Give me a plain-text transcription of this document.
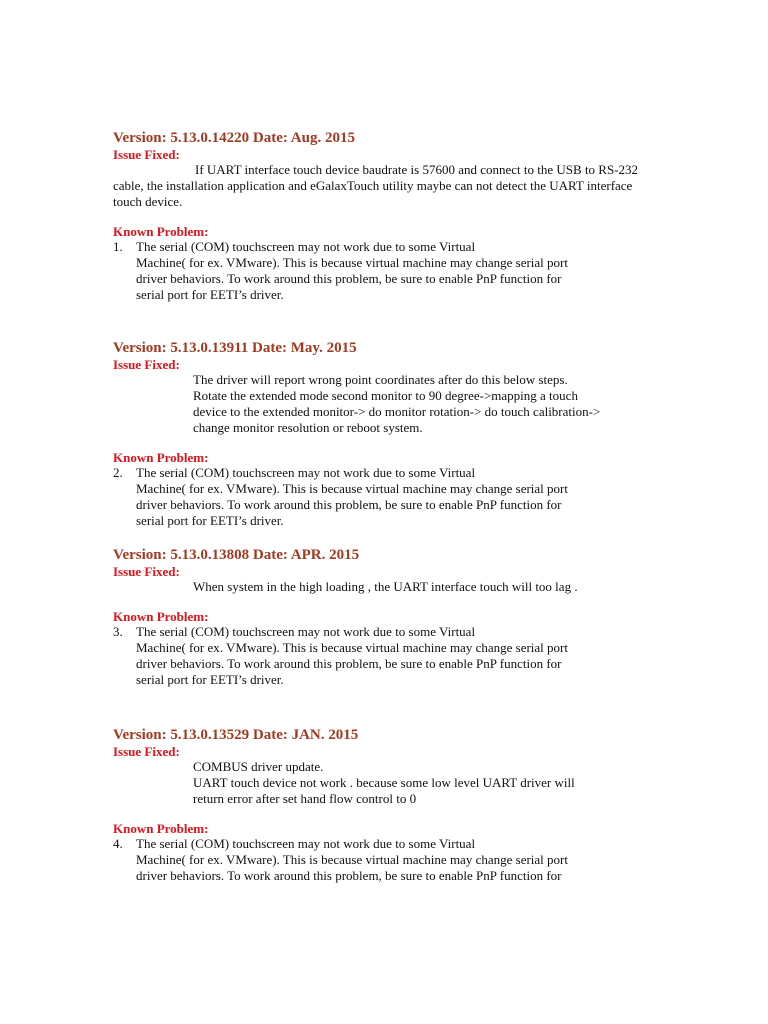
Version: 5.13.0.14220 Date: Aug. 2015

Issue Fixed:

If UART interface touch device baudrate is 57600 and connect to the USB to RS-232 cable, the installation application and eGalaxTouch utility maybe can not detect the UART interface touch device.

Known Problem:

1. The serial (COM) touchscreen may not work due to some Virtual
Machine( for ex. VMware). This is because virtual machine may change serial port
driver behaviors. To work around this problem, be sure to enable PnP function for
serial port for EETI’s driver.

Version: 5.13.0.13911 Date: May. 2015

Issue Fixed:

The driver will report wrong point coordinates after do this below steps.
Rotate the extended mode second monitor to 90 degree->mapping a touch
device to the extended monitor-> do monitor rotation-> do touch calibration->
change monitor resolution or reboot system.

Known Problem:

2. The serial (COM) touchscreen may not work due to some Virtual
Machine( for ex. VMware). This is because virtual machine may change serial port
driver behaviors. To work around this problem, be sure to enable PnP function for
serial port for EETI’s driver.

Version: 5.13.0.13808 Date: APR. 2015

Issue Fixed:

When system in the high loading , the UART interface touch will too lag .

Known Problem:

3. The serial (COM) touchscreen may not work due to some Virtual
Machine( for ex. VMware). This is because virtual machine may change serial port
driver behaviors. To work around this problem, be sure to enable PnP function for
serial port for EETI’s driver.

Version: 5.13.0.13529 Date: JAN. 2015

Issue Fixed:

COMBUS driver update.
UART touch device not work . because some low level UART driver will
return error after set hand flow control to 0

Known Problem:

4. The serial (COM) touchscreen may not work due to some Virtual
Machine( for ex. VMware). This is because virtual machine may change serial port
driver behaviors. To work around this problem, be sure to enable PnP function for
